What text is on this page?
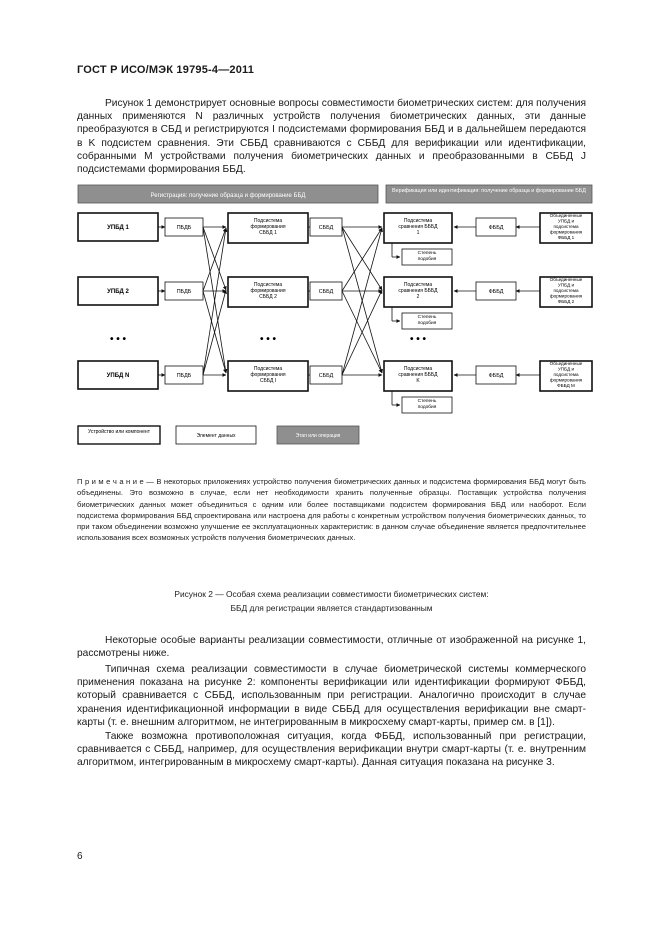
ГОСТ Р ИСО/МЭК 19795-4—2011
Рисунок 1 демонстрирует основные вопросы совместимости биометрических систем: для получения данных применяются N различных устройств получения биометрических данных, эти данные преобразуются в СБД и регистрируются I подсистемами формирования ББД и в дальнейшем передаются в K подсистем сравнения. Эти СББД сравниваются с СББД для верификации или идентификации, собранными M устройствами получения биометрических данных и преобразованными в СББД J подсистемами формирования ББД.
Регистрация: получение образца и формирование ББД
Верификация или идентификация: получение образца и формирование ББД
УПБД 1	ПБДБ
Подсистема формирования СББД 1
СББД
Подсистема сравнения БББД 1
Степень подобия
ФББД
Объединенные УПБД и подсистема формирования ФББД 1
УПБД 2	ПБДБ
Подсистема формирования СББД 2
СББД
Подсистема сравнения БББД 2
Степень подобия
ФББД
Объединенные УПБД и подсистема формирования ФББД 2
УПБД N	ПБДБ
Подсистема формирования СББД I
СББД
Подсистема сравнения БББД K
Степень подобия
ФББД
Объединенные УПБД и подсистема формирования ФББД M
• • •	• • •	• • •
Устройство или компонент
Элемент данных	Этап или операция
П р и м е ч а н и е — В некоторых приложениях устройство получения биометрических данных и подсистема формирования ББД могут быть объединены. Это возможно в случае, если нет необходимости хранить полученные образцы. Поставщик устройства получения биометрических данных может объединиться с одним или более поставщиками подсистем формирования ББД или наоборот. Если подсистема формирования ББД спроектирована или настроена для работы с конкретным устройством получения биометрических данных, то при таком объединении возможно улучшение ее эксплуатационных характеристик: в данном случае объединение является предпочтительнее использования всех возможных устройств получения биометрических данных.
Рисунок 2 — Особая схема реализации совместимости биометрических систем:
ББД для регистрации является стандартизованным
Некоторые особые варианты реализации совместимости, отличные от изображенной на рисунке 1, рассмотрены ниже.
Типичная схема реализации совместимости в случае биометрической системы коммерческого применения показана на рисунке 2: компоненты верификации или идентификации формируют ФББД, который сравнивается с СББД, использованным при регистрации. Аналогично происходит в случае хранения идентификационной информации в виде СББД для осуществления верификации вне смарт-карты (т. е. внешним алгоритмом, не интегрированным в микросхему смарт-карты, пример см. в [1]).
Также возможна противоположная ситуация, когда ФББД, использованный при регистрации, сравнивается с СББД, например, для осуществления верификации внутри смарт-карты (т. е. внутренним алгоритмом, интегрированным в микросхему смарт-карты). Данная ситуация показана на рисунке 3.
6
